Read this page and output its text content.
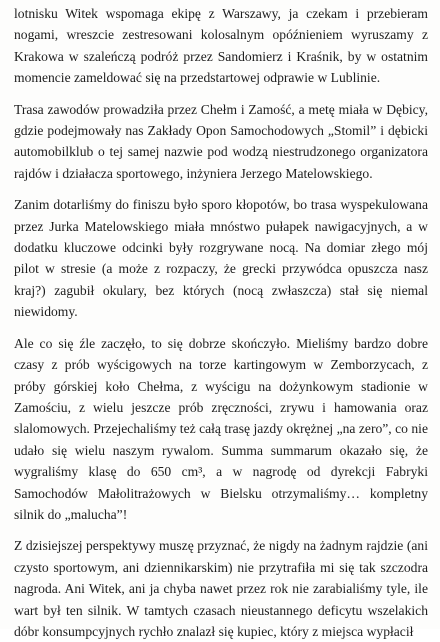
lotnisku Witek wspomaga ekipę z Warszawy, ja czekam i przebieram nogami, wreszcie zestresowani kolosalnym opóźnieniem wyruszamy z Krakowa w szaleńczą podróż przez Sandomierz i Kraśnik, by w ostatnim momencie zameldować się na przedstartowej odprawie w Lublinie.

Trasa zawodów prowadziła przez Chełm i Zamość, a metę miała w Dębicy, gdzie podejmowały nas Zakłady Opon Samochodowych „Stomil” i dębicki automobilklub o tej samej nazwie pod wodzą niestrudzonego organizatora rajdów i działacza sportowego, inżyniera Jerzego Matelowskiego.

Zanim dotarliśmy do finiszu było sporo kłopotów, bo trasa wyspekulowana przez Jurka Matelowskiego miała mnóstwo pułapek nawigacyjnych, a w dodatku kluczowe odcinki były rozgrywane nocą. Na domiar złego mój pilot w stresie (a może z rozpaczy, że grecki przywódca opuszcza nasz kraj?) zagubił okulary, bez których (nocą zwłaszcza) stał się niemal niewidomy.

Ale co się źle zaczęło, to się dobrze skończyło. Mieliśmy bardzo dobre czasy z prób wyścigowych na torze kartingowym w Zemborzycach, z próby górskiej koło Chełma, z wyścigu na dożynkowym stadionie w Zamościu, z wielu jeszcze prób zręczności, zrywu i hamowania oraz slalomowych. Przejechaliśmy też całą trasę jazdy okrężnej „na zero”, co nie udało się wielu naszym rywalom. Summa summarum okazało się, że wygraliśmy klasę do 650 cm³, a w nagrodę od dyrekcji Fabryki Samochodów Małolitrażowych w Bielsku otrzymaliśmy… kompletny silnik do „malucha”!

Z dzisiejszej perspektywy muszę przyznać, że nigdy na żadnym rajdzie (ani czysto sportowym, ani dziennikarskim) nie przytrafiła mi się tak szczodra nagroda. Ani Witek, ani ja chyba nawet przez rok nie zarabialiśmy tyle, ile wart był ten silnik. W tamtych czasach nieustannego deficytu wszelakich dóbr konsumpcyjnych rychło znalazł się kupiec, który z miejsca wypłacił
